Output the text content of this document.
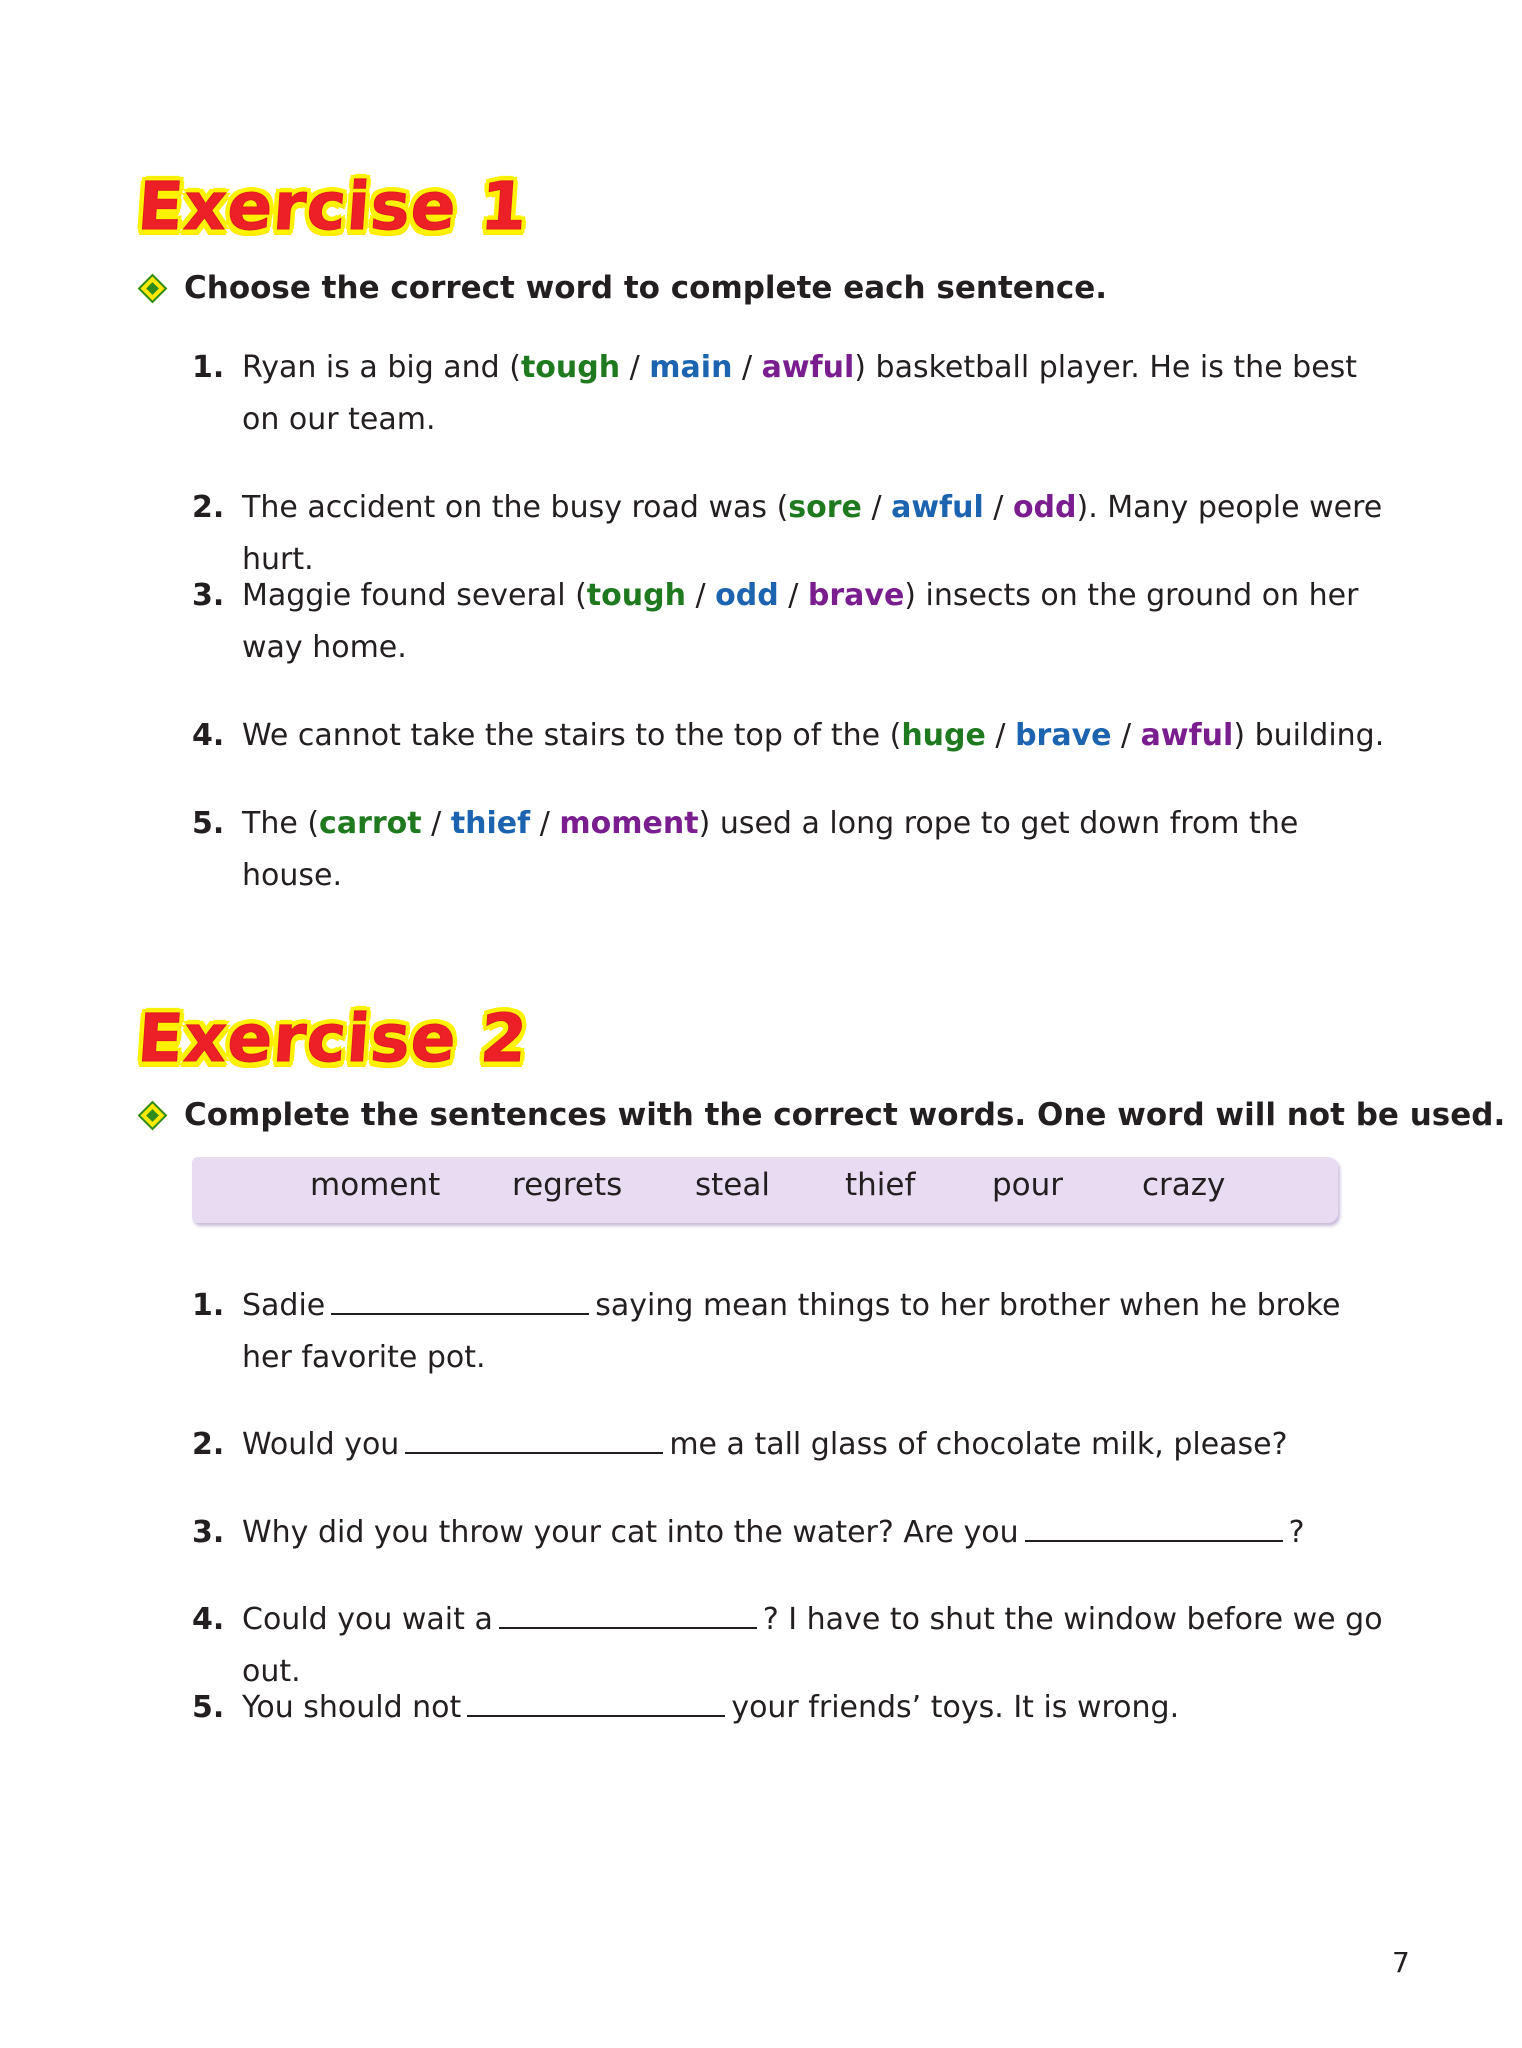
Exercise 1
Choose the correct word to complete each sentence.
1. Ryan is a big and (tough / main / awful) basketball player. He is the best on our team.
2. The accident on the busy road was (sore / awful / odd). Many people were hurt.
3. Maggie found several (tough / odd / brave) insects on the ground on her way home.
4. We cannot take the stairs to the top of the (huge / brave / awful) building.
5. The (carrot / thief / moment) used a long rope to get down from the house.
Exercise 2
Complete the sentences with the correct words. One word will not be used.
moment regrets steal thief pour	crazy
1. Sadie	saying mean things to her brother when he broke her favorite pot.
2. Would you	me a tall glass of chocolate milk, please?
3. Why did you throw your cat into the water? Are you	?
4. Could you wait a	? I have to shut the window before we go out.
5. You should not	your friends’ toys. It is wrong.
7
